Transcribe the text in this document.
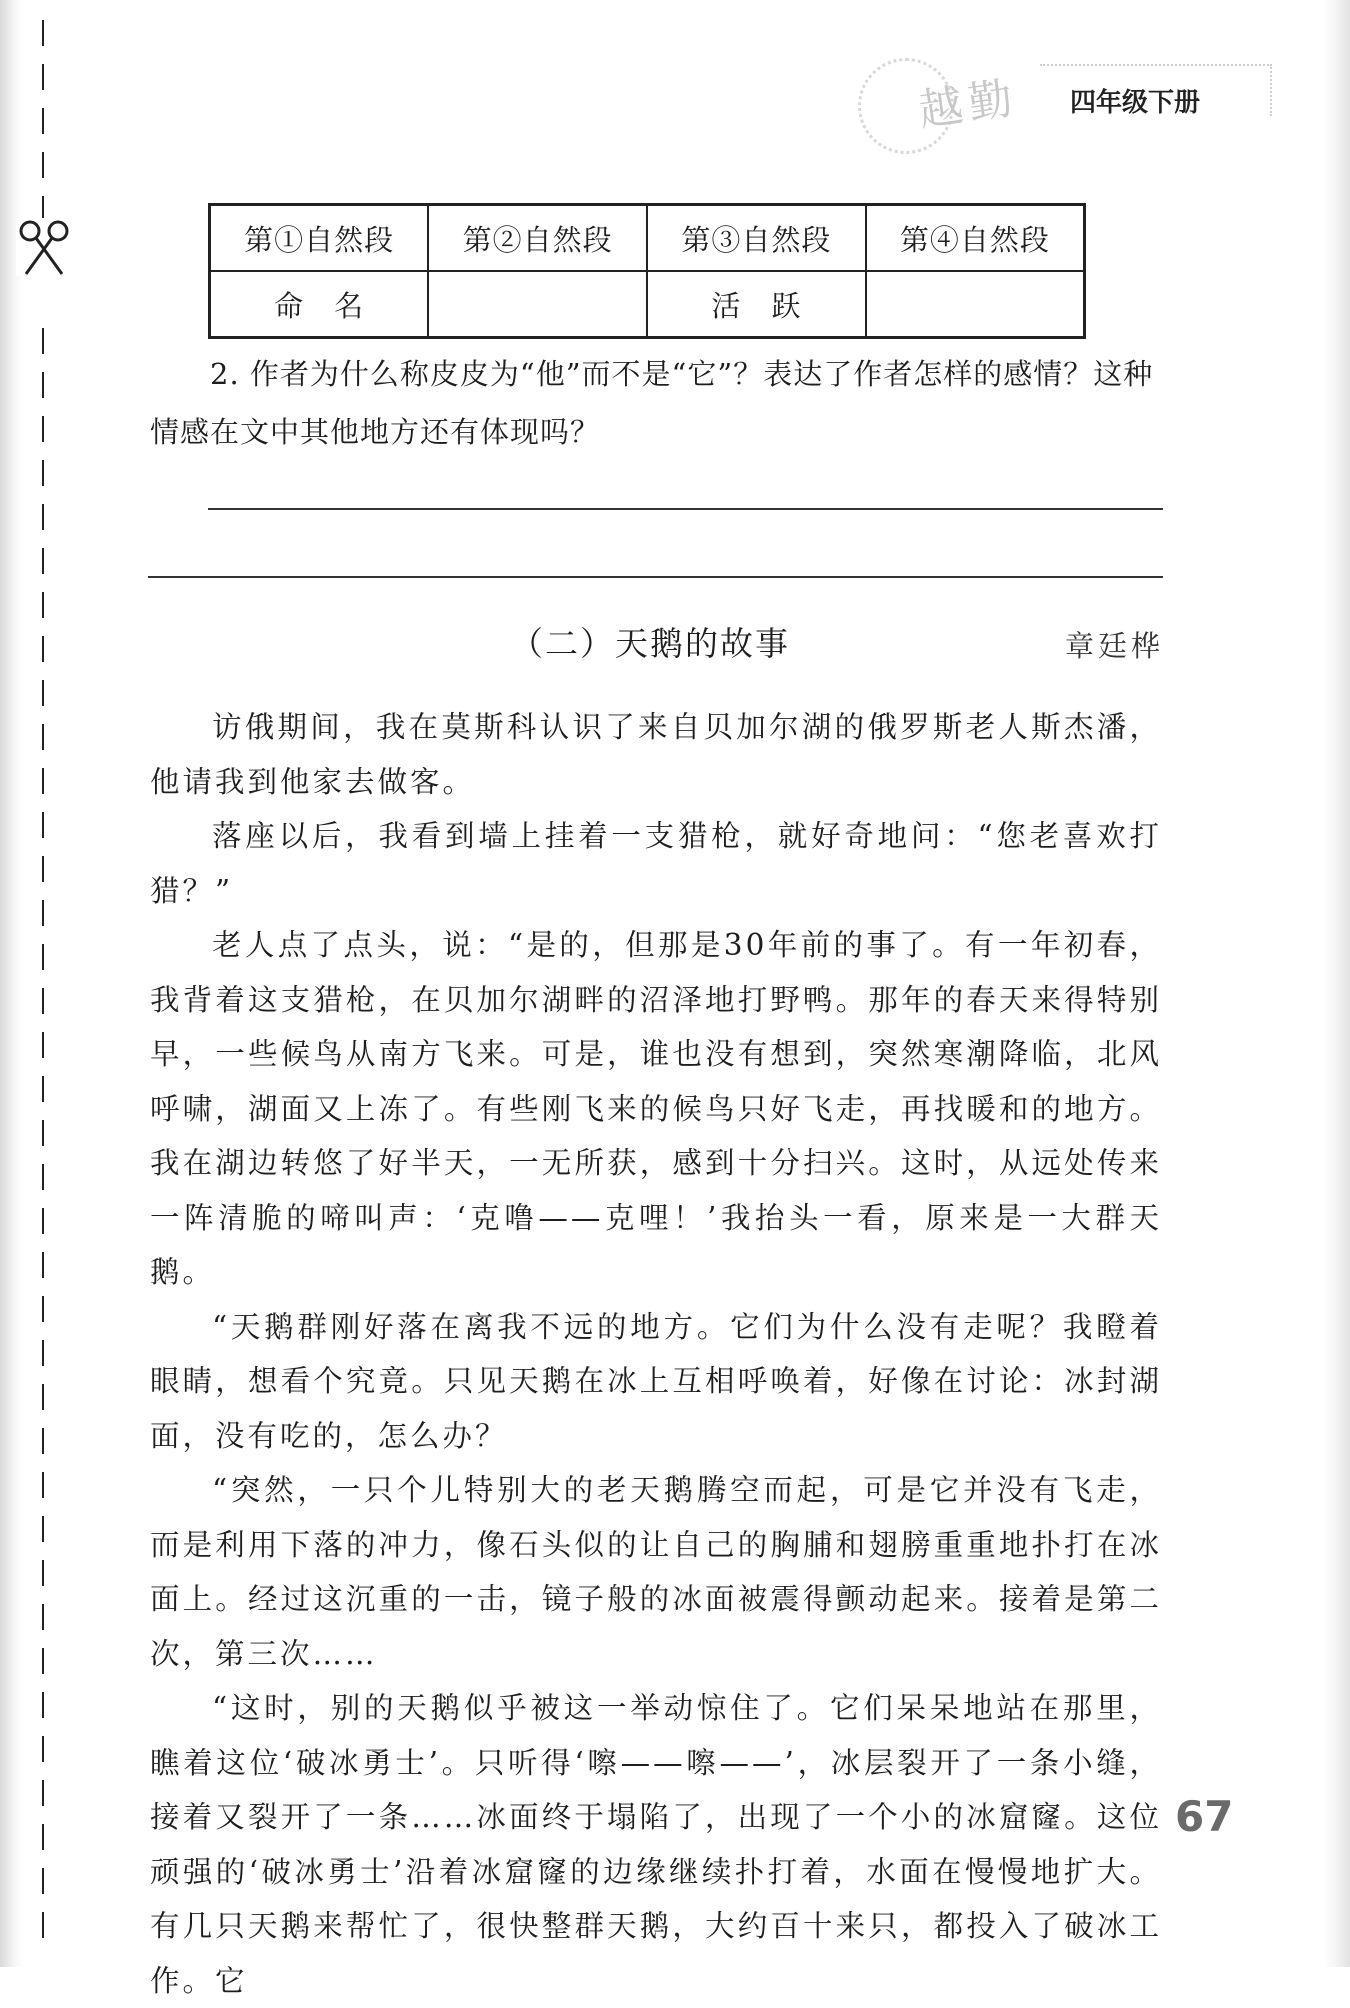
越勤 四年级下册
第①自然段	第②自然段	第③自然段	第④自然段
命　名		活　跃	
2. 作者为什么称皮皮为“他”而不是“它”？表达了作者怎样的感情？这种情感在文中其他地方还有体现吗？
（二）天鹅的故事	章廷桦

访俄期间，我在莫斯科认识了来自贝加尔湖的俄罗斯老人斯杰潘，他请我到他家去做客。

落座以后，我看到墙上挂着一支猎枪，就好奇地问：“您老喜欢打猎？”

老人点了点头，说：“是的，但那是30年前的事了。有一年初春，我背着这支猎枪，在贝加尔湖畔的沼泽地打野鸭。那年的春天来得特别早，一些候鸟从南方飞来。可是，谁也没有想到，突然寒潮降临，北风呼啸，湖面又上冻了。有些刚飞来的候鸟只好飞走，再找暖和的地方。我在湖边转悠了好半天，一无所获，感到十分扫兴。这时，从远处传来一阵清脆的啼叫声：‘克噜——克哩！’我抬头一看，原来是一大群天鹅。

“天鹅群刚好落在离我不远的地方。它们为什么没有走呢？我瞪着眼睛，想看个究竟。只见天鹅在冰上互相呼唤着，好像在讨论：冰封湖面，没有吃的，怎么办？

“突然，一只个儿特别大的老天鹅腾空而起，可是它并没有飞走，而是利用下落的冲力，像石头似的让自己的胸脯和翅膀重重地扑打在冰面上。经过这沉重的一击，镜子般的冰面被震得颤动起来。接着是第二次，第三次……

“这时，别的天鹅似乎被这一举动惊住了。它们呆呆地站在那里，瞧着这位‘破冰勇士’。只听得‘嚓——嚓——’，冰层裂开了一条小缝，接着又裂开了一条……冰面终于塌陷了，出现了一个小的冰窟窿。这位顽强的‘破冰勇士’沿着冰窟窿的边缘继续扑打着，水面在慢慢地扩大。有几只天鹅来帮忙了，很快整群天鹅，大约百十来只，都投入了破冰工作。它

67
